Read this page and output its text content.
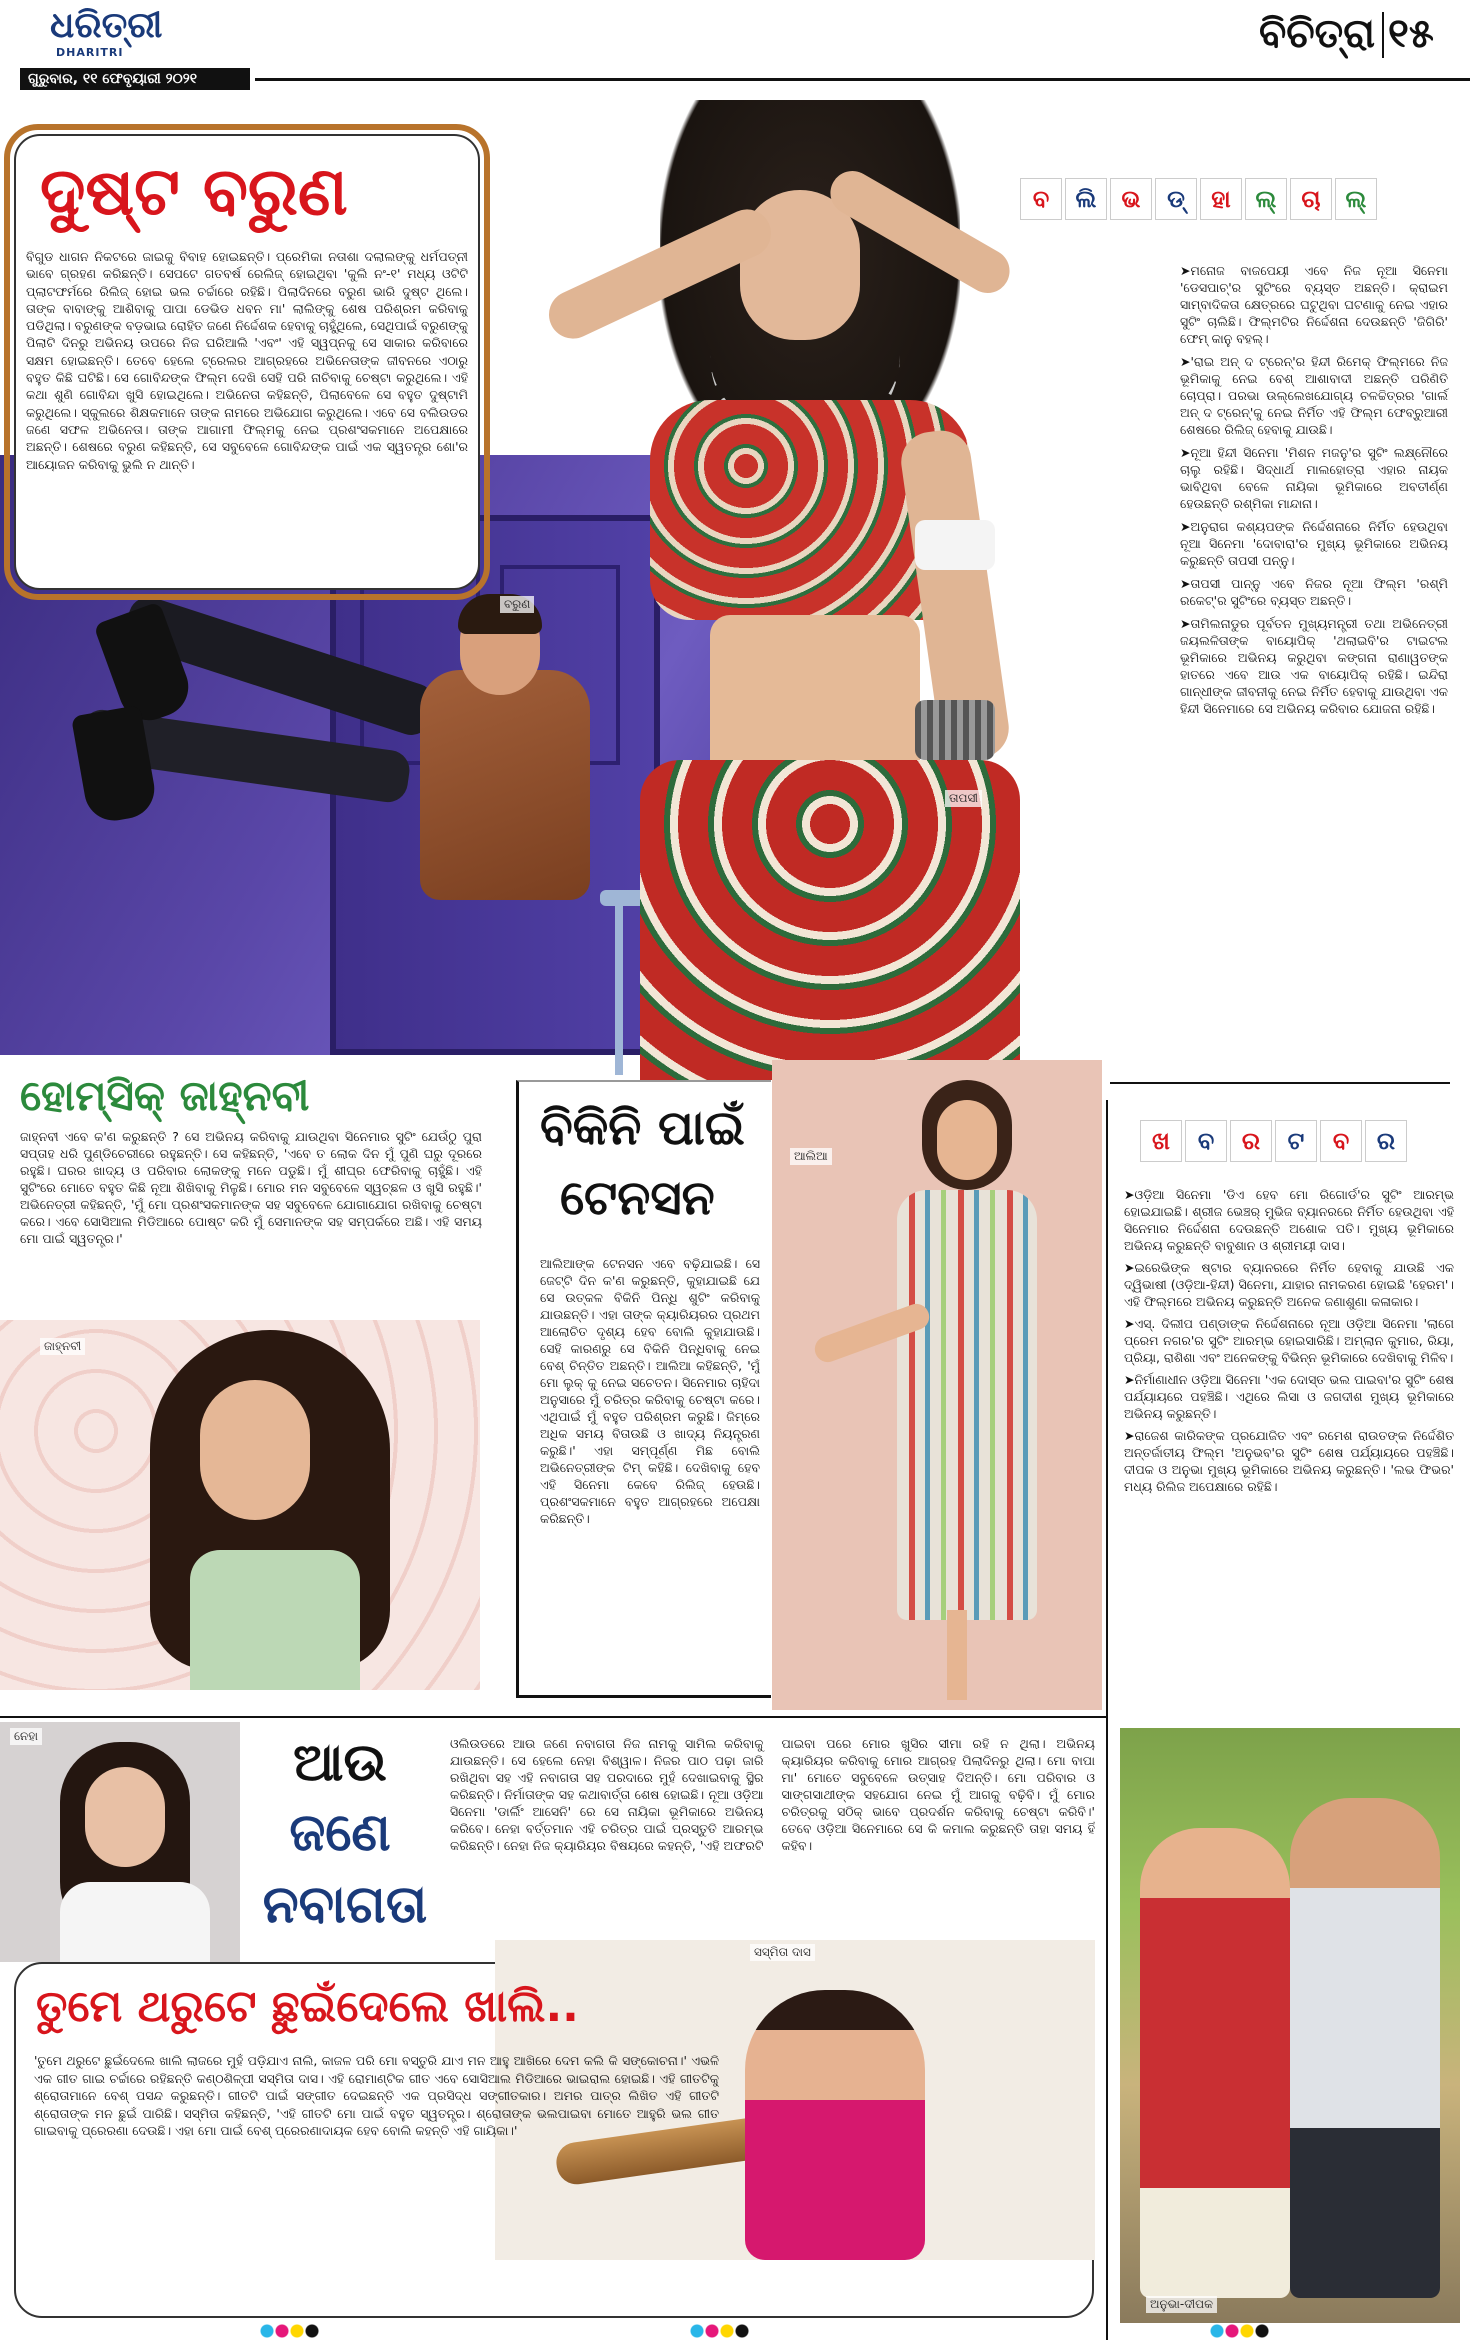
ଧରିତ୍ରୀ
DHARITRI
ଗୁରୁବାର, ୧୧ ଫେବୃୟାରୀ ୨୦୨୧
ବିଚିତ୍ରା ୧୫
ବରୁଣ
ତାପସୀ
ଦୁଷ୍ଟ ବରୁଣ
ବିଗୁଡ ଧାଗନ ନିକଟରେ ଜାଇକୁ ବିବାହ ହୋଇଛନ୍ତି। ପ୍ରେମିକା ନତାଶା ଦଲାଲଙ୍କୁ ଧର୍ମପତ୍ନୀ ଭାବେ ଗ୍ରହଣ କରିଛନ୍ତି। ସେପଟେ ଗତବର୍ଷ ରେଲିଜ୍ ହୋଇଥିବା 'କୁଲି ନଂ-୧' ମଧ୍ୟ ଓଟିଟି ପ୍ଲାଟଫର୍ମରେ ରିଲିଜ୍ ହୋଇ ଭଲ ଚର୍ଚ୍ଚାରେ ରହିଛି। ପିଲାଦିନରେ ବରୁଣ ଭାରି ଦୁଷ୍ଟ ଥିଲେ। ତାଙ୍କ ବାବାଙ୍କୁ ଆଶିବାକୁ ପାପା ଡେଭିଡ ଧବନ ମା' ଲାଲିଙ୍କୁ ଶେଷ ପରିଶ୍ରମ କରିବାକୁ ପଡିଥିଲା। ବରୁଣଙ୍କ ବଡ଼ଭାଇ ରୋହିତ ଜଣେ ନିର୍ଦ୍ଦେଶକ ହେବାକୁ ଚାହୁଁଥିଲେ, ସେଥିପାଇଁ ବରୁଣଙ୍କୁ ପିଲାଟି ଦିନରୁ ଅଭିନୟ ଉପରେ ନିଜ ଘରିଆଲି 'ଏବଂ' ଏହି ସ୍ୱପ୍ନକୁ ସେ ସାକାର କରିବାରେ ସକ୍ଷମ ହୋଇଛନ୍ତି। ତେବେ ହେଲେ ଟ୍ରେଲର ଆଗ୍ରହରେ ଅଭିନେତାଙ୍କ ଜୀବନରେ ଏଠାରୁ ବହୁତ କିଛି ଘଟିଛି। ସେ ଗୋବିନ୍ଦଙ୍କ ଫିଲ୍ମ ଦେଖି ସେହି ପରି ନାଚିବାକୁ ଚେଷ୍ଟା କରୁଥିଲେ। ଏହି କଥା ଶୁଣି ଗୋବିନ୍ଦା ଖୁସି ହୋଇଥିଲେ। ଅଭିନେତା କହିଛନ୍ତି, ପିଲାବେଳେ ସେ ବହୁତ ଦୁଷ୍ଟାମି କରୁଥିଲେ। ସ୍କୁଲରେ ଶିକ୍ଷକମାନେ ତାଙ୍କ ନାମରେ ଅଭିଯୋଗ କରୁଥିଲେ। ଏବେ ସେ ବଲିଉଡର ଜଣେ ସଫଳ ଅଭିନେତା। ତାଙ୍କ ଆଗାମୀ ଫିଲ୍ମକୁ ନେଇ ପ୍ରଶଂସକମାନେ ଅପେକ୍ଷାରେ ଅଛନ୍ତି। ଶେଷରେ ବରୁଣ କହିଛନ୍ତି, ସେ ସବୁବେଳେ ଗୋବିନ୍ଦଙ୍କ ପାଇଁ ଏକ ସ୍ୱତନ୍ତ୍ର ଶୋ'ର ଆୟୋଜନ କରିବାକୁ ଭୁଲି ନ ଥାନ୍ତି।
ବ ଲି ଭ ଡ୍ ହା ଲ୍ ଚା ଲ୍

➤ମନୋଜ ବାଜପେୟୀ ଏବେ ନିଜ ନୂଆ ସିନେମା 'ଡେସପାଚ୍'ର ସୁଟିଂରେ ବ୍ୟସ୍ତ ଅଛନ୍ତି। କ୍ରାଇମ ସାମ୍ବାଦିକତା କ୍ଷେତ୍ରରେ ଘଟୁଥିବା ଘଟଣାକୁ ନେଇ ଏହାର ସୁଟିଂ ଚାଲିଛି। ଫିଲ୍ମଟିର ନିର୍ଦ୍ଦେଶନା ଦେଉଛନ୍ତି 'ଜିଗିରି' ଫେମ୍ କାନୁ ବହଲ୍।

➤'ରାଇ ଅନ୍ ଦ ଟ୍ରେନ୍'ର ହିନ୍ଦୀ ରିମେକ୍ ଫିଲ୍ମରେ ନିଜ ଭୂମିକାକୁ ନେଇ ବେଶ୍ ଆଶାବାଦୀ ଅଛନ୍ତି ପରିଣିତି ଚୋପ୍ରା। ପରଭା ଉଲ୍ଲେଖଯୋଗ୍ୟ ଚଳଚ୍ଚିତ୍ରର 'ଗାର୍ଲ ଅନ୍ ଦ ଟ୍ରେନ୍'କୁ ନେଇ ନିର୍ମିତ ଏହି ଫିଲ୍ମ ଫେବ୍ରୁଆରୀ ଶେଷରେ ରିଲିଜ୍ ହେବାକୁ ଯାଉଛି।

➤ନୂଆ ହିନ୍ଦୀ ସିନେମା 'ମିଶନ ମଜନୁ'ର ସୁଟିଂ ଲକ୍ଷ୍ନୌରେ ଚାଲୁ ରହିଛି। ସିଦ୍ଧାର୍ଥ ମାଲହୋତ୍ରା ଏହାର ନାୟକ ଭାବିଥିବା ବେଳେ ନାୟିକା ଭୂମିକାରେ ଅବତୀର୍ଣ୍ଣ ହେଉଛନ୍ତି ରଶ୍ମିକା ମାନ୍ଦାନା।

➤ଅନୁରାଗ କଶ୍ୟପଙ୍କ ନିର୍ଦ୍ଦେଶନାରେ ନିର୍ମିତ ହେଉଥିବା ନୂଆ ସିନେମା 'ଦୋବାରା'ର ମୁଖ୍ୟ ଭୂମିକାରେ ଅଭିନୟ କରୁଛନ୍ତି ତାପସୀ ପନ୍ନୁ।

➤ତାପସୀ ପାନ୍ନୁ ଏବେ ନିଜର ନୂଆ ଫିଲ୍ମ 'ରଶ୍ମି ରକେଟ୍'ର ସୁଟିଂରେ ବ୍ୟସ୍ତ ଅଛନ୍ତି।

➤ତାମିଲନାଡୁର ପୂର୍ବତନ ମୁଖ୍ୟମନ୍ତ୍ରୀ ତଥା ଅଭିନେତ୍ରୀ ଜୟଲଳିତାଙ୍କ ବାୟୋପିକ୍ 'ଥଲାଇବି'ର ଟାଇଟଲ ଭୂମିକାରେ ଅଭିନୟ କରୁଥିବା କଙ୍ଗନା ରାଣାୱତଙ୍କ ହାତରେ ଏବେ ଆଉ ଏକ ବାୟୋପିକ୍ ରହିଛି। ଇନ୍ଦିରା ଗାନ୍ଧୀଙ୍କ ଜୀବନୀକୁ ନେଇ ନିର୍ମିତ ହେବାକୁ ଯାଉଥିବା ଏକ ହିନ୍ଦୀ ସିନେମାରେ ସେ ଅଭିନୟ କରିବାର ଯୋଜନା ରହିଛି।

ହୋମ୍‌ସିକ୍ ଜାହ୍ନବୀ
ଜାହ୍ନବୀ ଏବେ କ'ଣ କରୁଛନ୍ତି ? ସେ ଅଭିନୟ କରିବାକୁ ଯାଉଥିବା ସିନେମାର ସୁଟିଂ ଯେଉଁଠୁ ପୁରା ସପ୍ତାହ ଧରି ପୁଣ୍ଡିଚେରୀରେ ରହୁଛନ୍ତି। ସେ କହିଛନ୍ତି, 'ଏବେ ତ ଲୋକ ଦିନ ମୁଁ ପୁଣି ଘରୁ ଦୂରରେ ରହୁଛି। ଘରର ଖାଦ୍ୟ ଓ ପରିବାର ଲୋକଙ୍କୁ ମନେ ପଡୁଛି। ମୁଁ ଶୀଘ୍ର ଫେରିବାକୁ ଚାହୁଁଛି। ଏହି ସୁଟିଂରେ ମୋତେ ବହୁତ କିଛି ନୂଆ ଶିଖିବାକୁ ମିଳୁଛି। ମୋର ମନ ସବୁବେଳେ ସ୍ୱଚ୍ଛଳ ଓ ଖୁସି ରହୁଛି।' ଅଭିନେତ୍ରୀ କହିଛନ୍ତି, 'ମୁଁ ମୋ ପ୍ରଶଂସକମାନଙ୍କ ସହ ସବୁବେଳେ ଯୋଗାଯୋଗ ରଖିବାକୁ ଚେଷ୍ଟା କରେ। ଏବେ ସୋସିଆଲ ମିଡିଆରେ ପୋଷ୍ଟ କରି ମୁଁ ସେମାନଙ୍କ ସହ ସମ୍ପର୍କରେ ଅଛି। ଏହି ସମୟ ମୋ ପାଇଁ ସ୍ୱତନ୍ତ୍ର।'
ଜାହ୍ନବୀ
ବିକିନି ପାଇଁ
ଟେନସନ
ଆଲିଆଙ୍କ ଟେନସନ ଏବେ ବଢ଼ିଯାଇଛି। ସେ ଜେଟ୍ଟି ଦିନ କ'ଣ କରୁଛନ୍ତି, କୁହାଯାଇଛି ଯେ ସେ ଉତ୍କଳ ବିକିନି ପିନ୍ଧି ଶୁଟିଂ କରିବାକୁ ଯାଉଛନ୍ତି। ଏହା ତାଙ୍କ କ୍ୟାରିୟରର ପ୍ରଥମ ଆଲୋଚିତ ଦୃଶ୍ୟ ହେବ ବୋଲି କୁହାଯାଉଛି। ସେହି କାରଣରୁ ସେ ବିକିନି ପିନ୍ଧିବାକୁ ନେଇ ବେଶ୍ ଚିନ୍ତିତ ଅଛନ୍ତି। ଆଲିଆ କହିଛନ୍ତି, 'ମୁଁ ମୋ ଲୁକ୍ କୁ ନେଇ ସଚେତନ। ସିନେମାର ଚାହିଦା ଅନୁସାରେ ମୁଁ ଚରିତ୍ର କରିବାକୁ ଚେଷ୍ଟା କରେ। ଏଥିପାଇଁ ମୁଁ ବହୁତ ପରିଶ୍ରମ କରୁଛି। ଜିମ୍‌ରେ ଅଧିକ ସମୟ ବିତାଉଛି ଓ ଖାଦ୍ୟ ନିୟନ୍ତ୍ରଣ କରୁଛି।' ଏହା ସମ୍ପୂର୍ଣ୍ଣ ମିଛ ବୋଲି ଅଭିନେତ୍ରୀଙ୍କ ଟିମ୍ କହିଛି। ଦେଖିବାକୁ ହେବ ଏହି ସିନେମା କେବେ ରିଲିଜ୍ ହେଉଛି। ପ୍ରଶଂସକମାନେ ବହୁତ ଆଗ୍ରହରେ ଅପେକ୍ଷା କରିଛନ୍ତି।
ଆଲିଆ
ଖ ବ ର ଟ ବ ର

➤ଓଡ଼ିଆ ସିନେମା 'ଡିଏ ହେବ ମୋ ରିଗୋର୍ଡ'ର ସୁଟିଂ ଆରମ୍ଭ ହୋଇଯାଇଛି। ଶ୍ରୀଜ ଭେଞ୍ଚର୍ ମୁଭିଜ ବ୍ୟାନରରେ ନିର୍ମିତ ହେଉଥିବା ଏହି ସିନେମାର ନିର୍ଦ୍ଦେଶନା ଦେଉଛନ୍ତି ଅଶୋକ ପତି। ମୁଖ୍ୟ ଭୂମିକାରେ ଅଭିନୟ କରୁଛନ୍ତି ବାବୁଶାନ ଓ ଶ୍ରୀମୟୀ ଦାସ।

➤ଇରେଭିଙ୍କ ଷ୍ଟାର ବ୍ୟାନରରେ ନିର୍ମିତ ହେବାକୁ ଯାଉଛି ଏକ ଦ୍ୱିଭାଷୀ (ଓଡ଼ିଆ-ହିନ୍ଦୀ) ସିନେମା, ଯାହାର ନାମକରଣ ହୋଇଛି 'ହେରମ'। ଏହି ଫିଲ୍ମରେ ଅଭିନୟ କରୁଛନ୍ତି ଅନେକ ଜଣାଶୁଣା କଳାକାର।

➤ଏସ୍. ଦିଲୀପ ପଣ୍ଡାଙ୍କ ନିର୍ଦ୍ଦେଶନାରେ ନୂଆ ଓଡ଼ିଆ ସିନେମା 'ଲାଗେ ପ୍ରେମ ନଗର'ର ସୁଟିଂ ଆରମ୍ଭ ହୋଇସାରିଛି। ଅମ୍ଲାନ କୁମାର, ରିୟା, ପ୍ରିୟା, ରାଶିଶା ଏବଂ ଅନେକଙ୍କୁ ବିଭିନ୍ନ ଭୂମିକାରେ ଦେଖିବାକୁ ମିଳିବ।

➤ନିର୍ମାଣାଧୀନ ଓଡ଼ିଆ ସିନେମା 'ଏକ ଦୋସ୍ତ ଭଲ ପାଇବା'ର ସୁଟିଂ ଶେଷ ପର୍ଯ୍ୟାୟରେ ପହଞ୍ଚିଛି। ଏଥିରେ ଲିସା ଓ ଜଗଦୀଶ ମୁଖ୍ୟ ଭୂମିକାରେ ଅଭିନୟ କରୁଛନ୍ତି।

➤ରାଜେଶ କାରିକଙ୍କ ପ୍ରଯୋଜିତ ଏବଂ ରମେଶ ରାଉତଙ୍କ ନିର୍ଦ୍ଦେଶିତ ଅନ୍ତର୍ଜାତୀୟ ଫିଲ୍ମ 'ଅନୁଭବ'ର ସୁଟିଂ ଶେଷ ପର୍ଯ୍ୟାୟରେ ପହଞ୍ଚିଛି। ଦୀପକ ଓ ଅନୁଭା ମୁଖ୍ୟ ଭୂମିକାରେ ଅଭିନୟ କରୁଛନ୍ତି। 'ଲଭ ଫିଭର' ମଧ୍ୟ ରିଲିଜ ଅପେକ୍ଷାରେ ରହିଛି।

ଅନୁଭା-ଦୀପକ
ନେହା	ଆଉ
ଜଣେ
ନବାଗତା
ଓଲିଉଡରେ ଆଉ ଜଣେ ନବାଗତା ନିଜ ନାମକୁ ସାମିଲ କରିବାକୁ ଯାଉଛନ୍ତି। ସେ ହେଲେ ନେହା ବିଶ୍ୱାଳ। ନିଜର ପାଠ ପଢ଼ା ଜାରି ରଖିଥିବା ସହ ଏହି ନବାଗତା ସହ ପରଦାରେ ମୁହଁ ଦେଖାଇବାକୁ ସ୍ଥିର କରିଛନ୍ତି। ନିର୍ମାତାଙ୍କ ସହ କଥାବାର୍ତ୍ତା ଶେଷ ହୋଇଛି। ନୂଆ ଓଡ଼ିଆ ସିନେମା 'ଡାର୍ଲିଂ ଆସେନି' ରେ ସେ ନାୟିକା ଭୂମିକାରେ ଅଭିନୟ କରିବେ। ନେହା ବର୍ତ୍ତମାନ ଏହି ଚରିତ୍ର ପାଇଁ ପ୍ରସ୍ତୁତି ଆରମ୍ଭ କରିଛନ୍ତି। ନେହା ନିଜ କ୍ୟାରିୟର ବିଷୟରେ କହନ୍ତି, 'ଏହି ଅଫରଟି ପାଇବା ପରେ ମୋର ଖୁସିର ସୀମା ରହି ନ ଥିଲା। ଅଭିନୟ କ୍ୟାରିୟର କରିବାକୁ ମୋର ଆଗ୍ରହ ପିଲାଦିନରୁ ଥିଲା। ମୋ ବାପା ମା' ମୋତେ ସବୁବେଳେ ଉତ୍ସାହ ଦିଅନ୍ତି। ମୋ ପରିବାର ଓ ସାଙ୍ଗସାଥୀଙ୍କ ସହଯୋଗ ନେଇ ମୁଁ ଆଗକୁ ବଢ଼ିବି। ମୁଁ ମୋର ଚରିତ୍ରକୁ ସଠିକ୍ ଭାବେ ପ୍ରଦର୍ଶନ କରିବାକୁ ଚେଷ୍ଟା କରିବି।' ତେବେ ଓଡ଼ିଆ ସିନେମାରେ ସେ କି କମାଲ କରୁଛନ୍ତି ତାହା ସମୟ ହିଁ କହିବ।
ସସ୍ମିତା ଦାସ
ତୁମେ ଥରୁଟେ ଛୁଇଁଦେଲେ ଖାଲି..
'ତୁମେ ଥରୁଟେ ଛୁଇଁଦେଲେ ଖାଲି ଲାଜରେ ମୁହଁ ପଡ଼ିଯାଏ ନାଲି, କାଜଳ ପରି ମୋ ବସ୍ତୁରି ଯାଏ ମନ ଆହୁ ଆଖିରେ ଦେମ କଲି କି ସଙ୍କୋଚନା।' ଏଭଳି ଏକ ଗୀତ ଗାଇ ଚର୍ଚ୍ଚାରେ ରହିଛନ୍ତି କଣ୍ଠଶିଳ୍ପୀ ସସ୍ମିତା ଦାସ। ଏହି ରୋମାଣ୍ଟିକ ଗୀତ ଏବେ ସୋସିଆଲ ମିଡିଆରେ ଭାଇରାଲ ହୋଇଛି। ଏହି ଗୀତଟିକୁ ଶ୍ରୋତାମାନେ ବେଶ୍ ପସନ୍ଦ କରୁଛନ୍ତି। ଗୀତଟି ପାଇଁ ସଙ୍ଗୀତ ଦେଇଛନ୍ତି ଏକ ପ୍ରସିଦ୍ଧ ସଙ୍ଗୀତକାର। ଅମର ପାତ୍ର ଲିଖିତ ଏହି ଗୀତଟି ଶ୍ରୋତାଙ୍କ ମନ ଛୁଇଁ ପାରିଛି। ସସ୍ମିତା କହିଛନ୍ତି, 'ଏହି ଗୀତଟି ମୋ ପାଇଁ ବହୁତ ସ୍ୱତନ୍ତ୍ର। ଶ୍ରୋତାଙ୍କ ଭଲପାଇବା ମୋତେ ଆହୁରି ଭଲ ଗୀତ ଗାଇବାକୁ ପ୍ରେରଣା ଦେଉଛି। ଏହା ମୋ ପାଇଁ ବେଶ୍ ପ୍ରେରଣାଦାୟକ ହେବ ବୋଲି କହନ୍ତି ଏହି ଗାୟିକା।'
